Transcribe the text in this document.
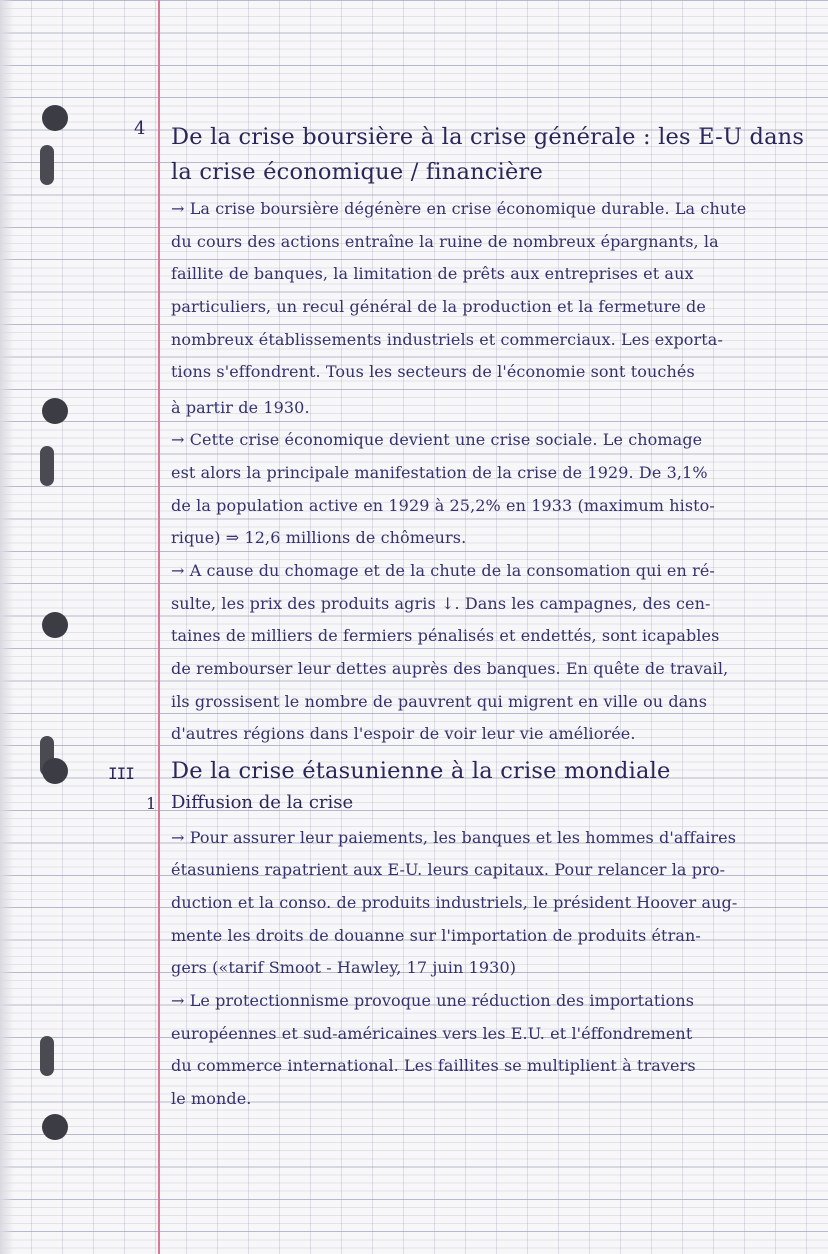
4 De la crise boursière à la crise générale : les E-U dans
la crise économique / financière
→ La crise boursière dégénère en crise économique durable. La chute
du cours des actions entraîne la ruine de nombreux épargnants, la
faillite de banques, la limitation de prêts aux entreprises et aux
particuliers, un recul général de la production et la fermeture de
nombreux établissements industriels et commerciaux. Les exporta-
tions s'effondrent. Tous les secteurs de l'économie sont touchés
à partir de 1930.
→ Cette crise économique devient une crise sociale. Le chomage
est alors la principale manifestation de la crise de 1929. De 3,1%
de la population active en 1929 à 25,2% en 1933 (maximum histo-
rique) ⇒ 12,6 millions de chômeurs.
→ A cause du chomage et de la chute de la consomation qui en ré-
sulte, les prix des produits agris ↓. Dans les campagnes, des cen-
taines de milliers de fermiers pénalisés et endettés, sont icapables
de rembourser leur dettes auprès des banques. En quête de travail,
ils grossisent le nombre de pauvrent qui migrent en ville ou dans
d'autres régions dans l'espoir de voir leur vie améliorée.
III De la crise étasunienne à la crise mondiale
1 Diffusion de la crise
→ Pour assurer leur paiements, les banques et les hommes d'affaires
étasuniens rapatrient aux E-U. leurs capitaux. Pour relancer la pro-
duction et la conso. de produits industriels, le président Hoover aug-
mente les droits de douanne sur l'importation de produits étran-
gers («tarif Smoot - Hawley, 17 juin 1930)
→ Le protectionnisme provoque une réduction des importations
européennes et sud-américaines vers les E.U. et l'éffondrement
du commerce international. Les faillites se multiplient à travers
le monde.
